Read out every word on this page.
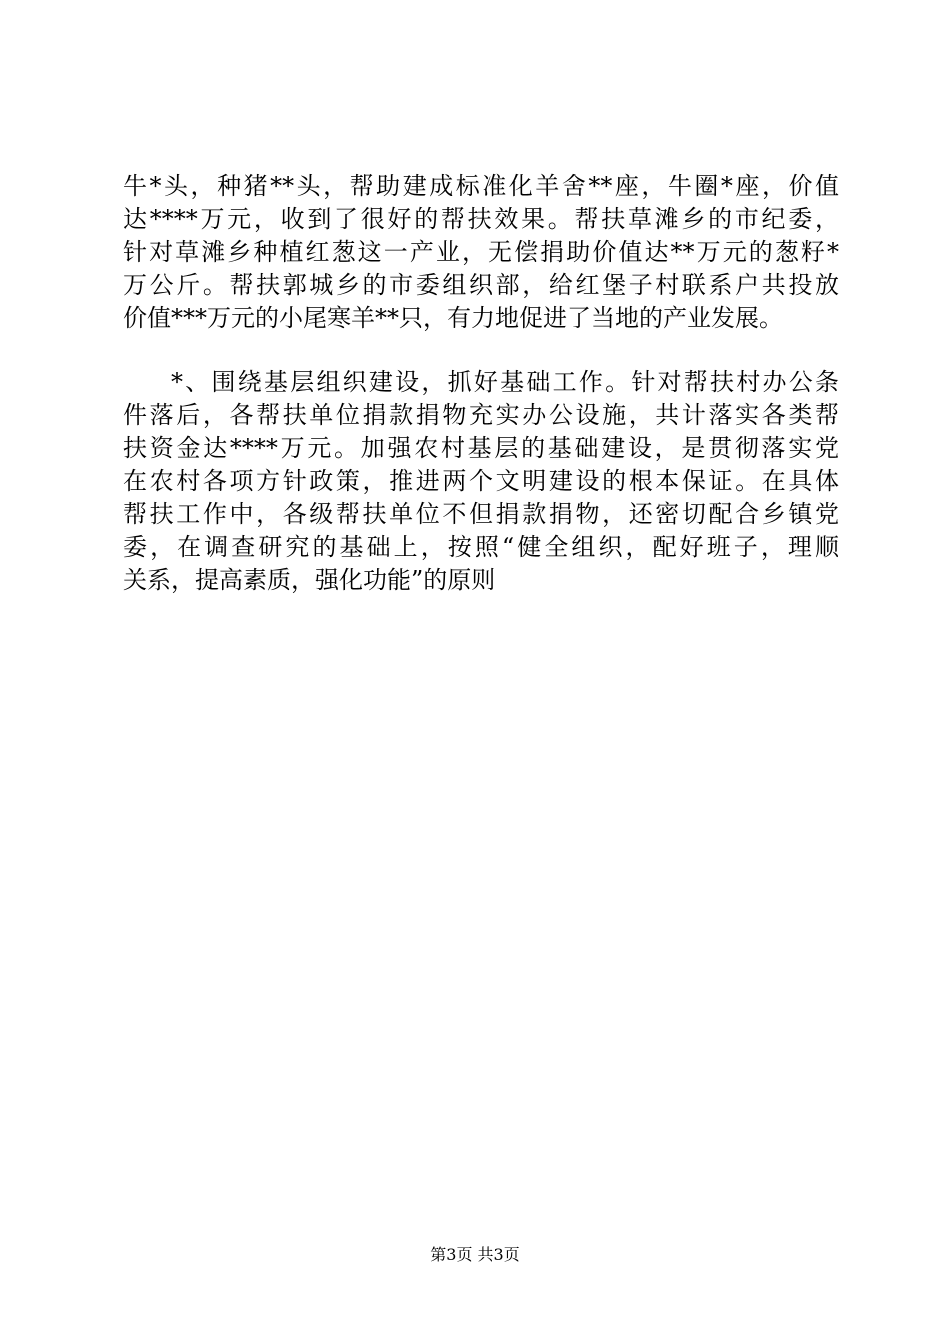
牛*头，种猪**头，帮助建成标准化羊舍**座，牛圈*座，价值
达****万元，收到了很好的帮扶效果。帮扶草滩乡的市纪委，
针对草滩乡种植红葱这一产业，无偿捐助价值达**万元的葱籽*
万公斤。帮扶郭城乡的市委组织部，给红堡子村联系户共投放
价值***万元的小尾寒羊**只，有力地促进了当地的产业发展。
*、围绕基层组织建设，抓好基础工作。针对帮扶村办公条
件落后，各帮扶单位捐款捐物充实办公设施，共计落实各类帮
扶资金达****万元。加强农村基层的基础建设，是贯彻落实党
在农村各项方针政策，推进两个文明建设的根本保证。在具体
帮扶工作中，各级帮扶单位不但捐款捐物，还密切配合乡镇党
委，在调查研究的基础上，按照“健全组织，配好班子，理顺
关系，提高素质，强化功能”的原则
第3页 共3页
